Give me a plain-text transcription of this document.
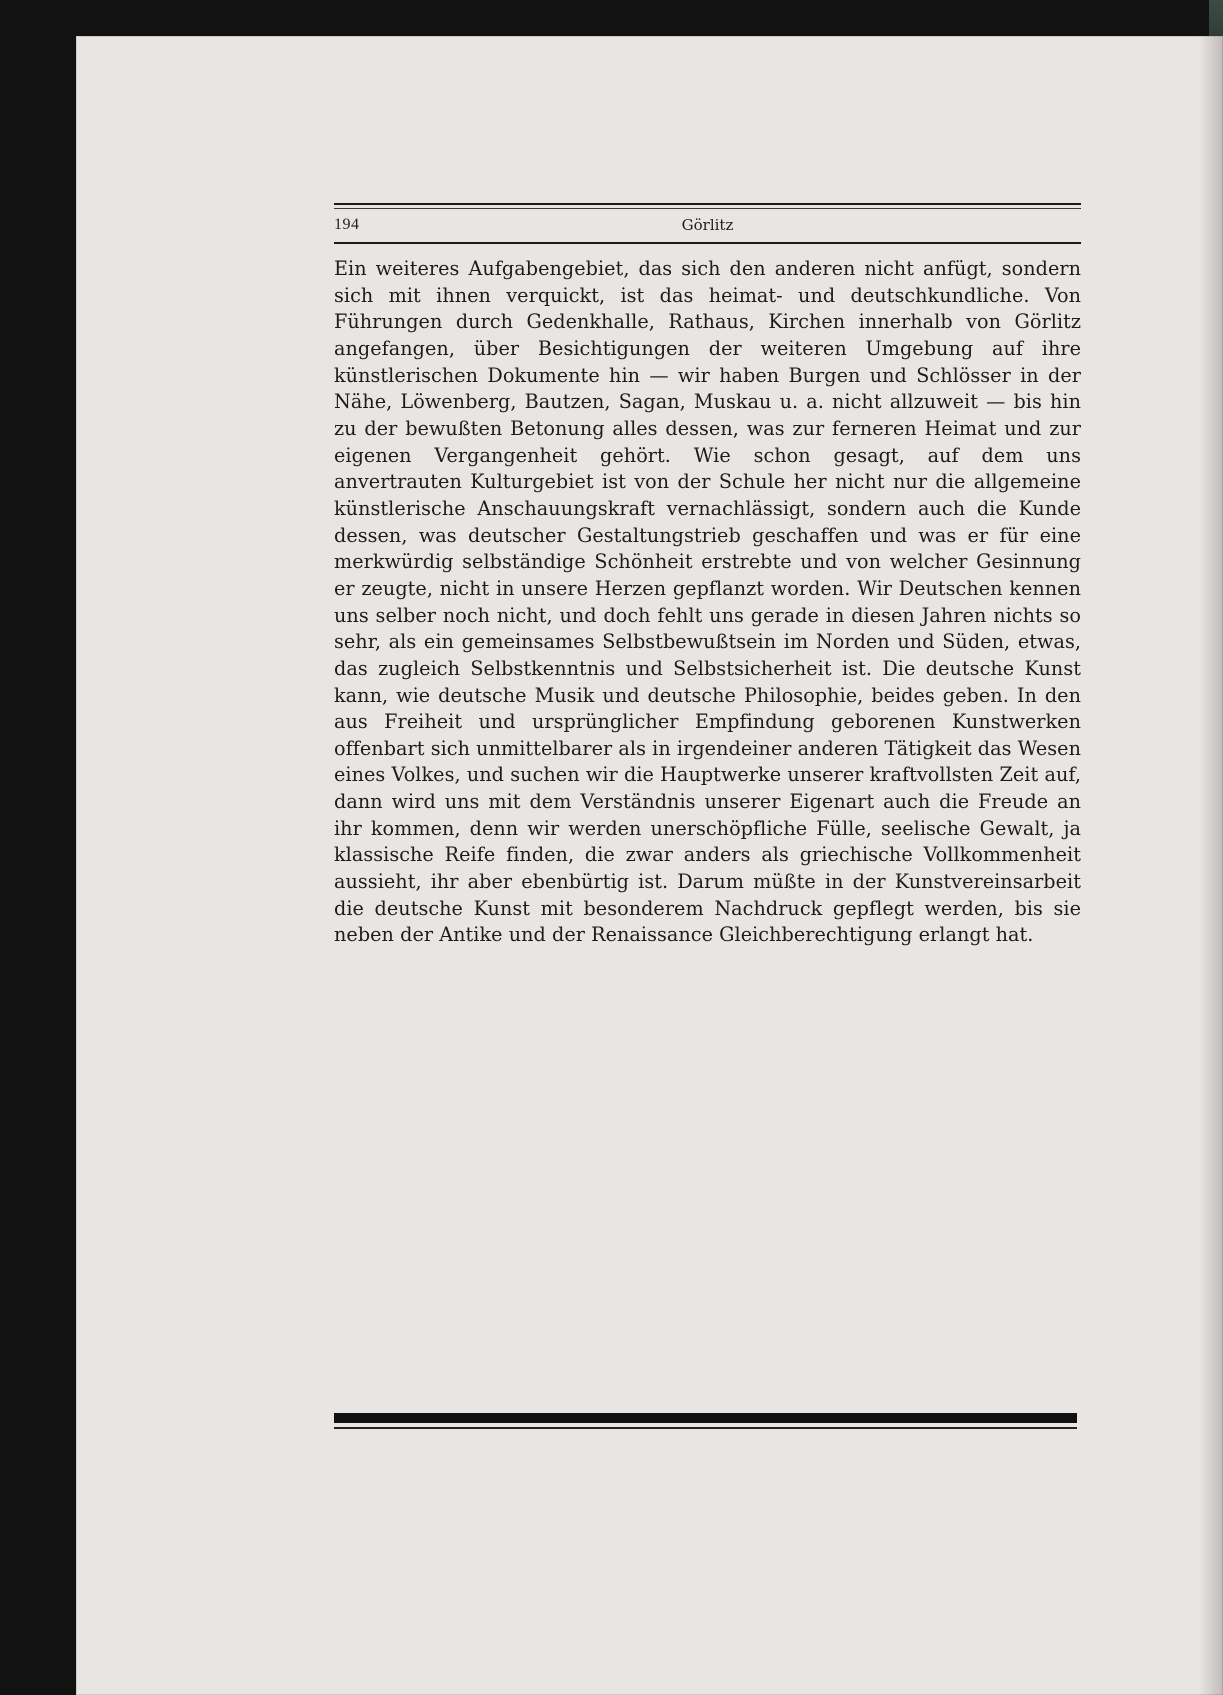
194	Görlitz

Ein weiteres Aufgabengebiet, das sich den anderen nicht anfügt, sondern sich mit ihnen verquickt, ist das heimat- und deutschkundliche. Von Führungen durch Gedenkhalle, Rathaus, Kirchen innerhalb von Görlitz angefangen, über Besichtigungen der weiteren Umgebung auf ihre künstlerischen Dokumente hin — wir haben Burgen und Schlösser in der Nähe, Löwenberg, Bautzen, Sagan, Muskau u. a. nicht allzuweit — bis hin zu der bewußten Betonung alles dessen, was zur ferneren Heimat und zur eigenen Vergangenheit gehört. Wie schon gesagt, auf dem uns anvertrauten Kulturgebiet ist von der Schule her nicht nur die allgemeine künstlerische Anschauungskraft vernachlässigt, sondern auch die Kunde dessen, was deutscher Gestaltungstrieb geschaffen und was er für eine merkwürdig selbständige Schönheit erstrebte und von welcher Gesinnung er zeugte, nicht in unsere Herzen gepflanzt worden. Wir Deutschen kennen uns selber noch nicht, und doch fehlt uns gerade in diesen Jahren nichts so sehr, als ein gemeinsames Selbstbewußtsein im Norden und Süden, etwas, das zugleich Selbstkenntnis und Selbstsicherheit ist. Die deutsche Kunst kann, wie deutsche Musik und deutsche Philosophie, beides geben. In den aus Freiheit und ursprünglicher Empfindung geborenen Kunstwerken offenbart sich unmittelbarer als in irgendeiner anderen Tätigkeit das Wesen eines Volkes, und suchen wir die Hauptwerke unserer kraftvollsten Zeit auf, dann wird uns mit dem Verständnis unserer Eigenart auch die Freude an ihr kommen, denn wir werden unerschöpfliche Fülle, seelische Gewalt, ja klassische Reife finden, die zwar anders als griechische Vollkommenheit aussieht, ihr aber ebenbürtig ist. Darum müßte in der Kunstvereinsarbeit die deutsche Kunst mit besonderem Nachdruck gepflegt werden, bis sie neben der Antike und der Renaissance Gleichberechtigung erlangt hat.
